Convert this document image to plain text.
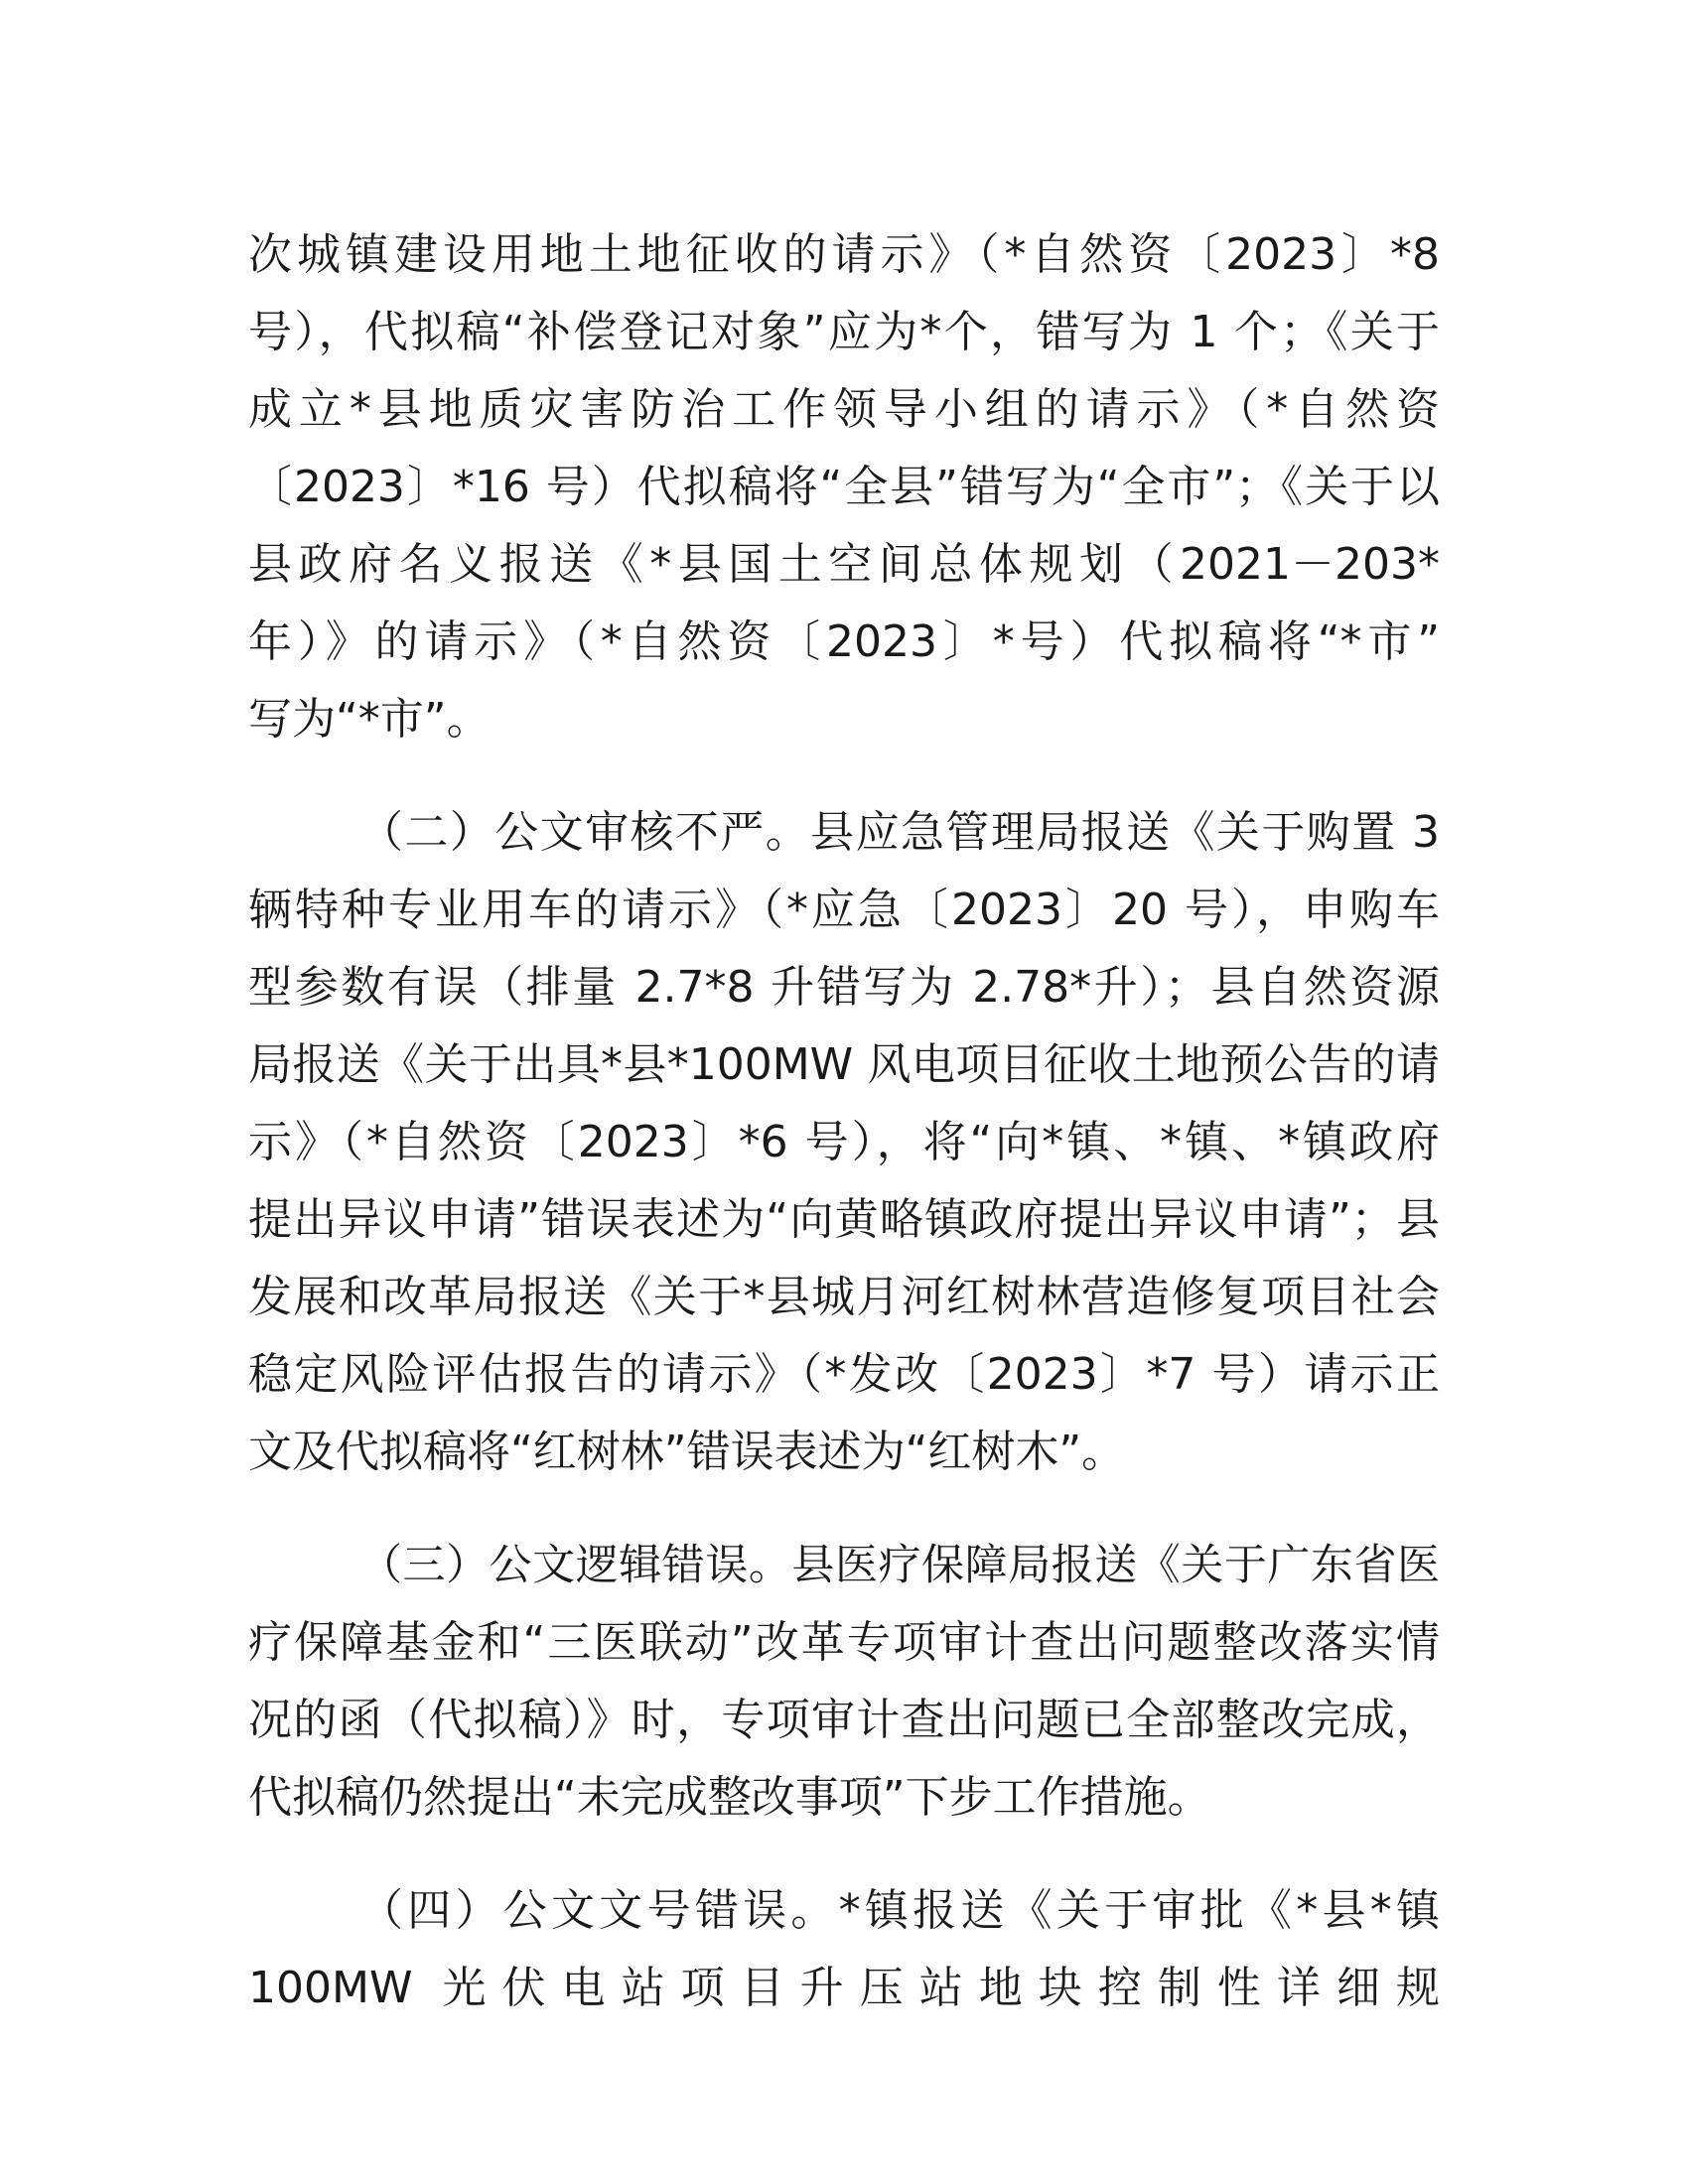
次城镇建设用地土地征收的请示》（*自然资〔2023〕*8
号），代拟稿“补偿登记对象”应为*个，错写为 1 个；《关于
成立*县地质灾害防治工作领导小组的请示》（*自然资
〔2023〕*16 号）代拟稿将“全县”错写为“全市”；《关于以
县政府名义报送《*县国土空间总体规划（2021－203*
年）》的请示》（*自然资〔2023〕*号）代拟稿将“*市”
写为“*市”。
（二）公文审核不严。县应急管理局报送《关于购置 3
辆特种专业用车的请示》（*应急〔2023〕20 号），申购车
型参数有误（排量 2.7*8 升错写为 2.78*升）；县自然资源
局报送《关于出具*县*100MW 风电项目征收土地预公告的请
示》（*自然资〔2023〕*6 号），将“向*镇、*镇、*镇政府
提出异议申请”错误表述为“向黄略镇政府提出异议申请”；县
发展和改革局报送《关于*县城月河红树林营造修复项目社会
稳定风险评估报告的请示》（*发改〔2023〕*7 号）请示正
文及代拟稿将“红树林”错误表述为“红树木”。
（三）公文逻辑错误。县医疗保障局报送《关于广东省医
疗保障基金和“三医联动”改革专项审计查出问题整改落实情
况的函（代拟稿）》时，专项审计查出问题已全部整改完成，
代拟稿仍然提出“未完成整改事项”下步工作措施。
（四）公文文号错误。*镇报送《关于审批《*县*镇
100MW 光伏电站项目升压站地块控制性详细规
